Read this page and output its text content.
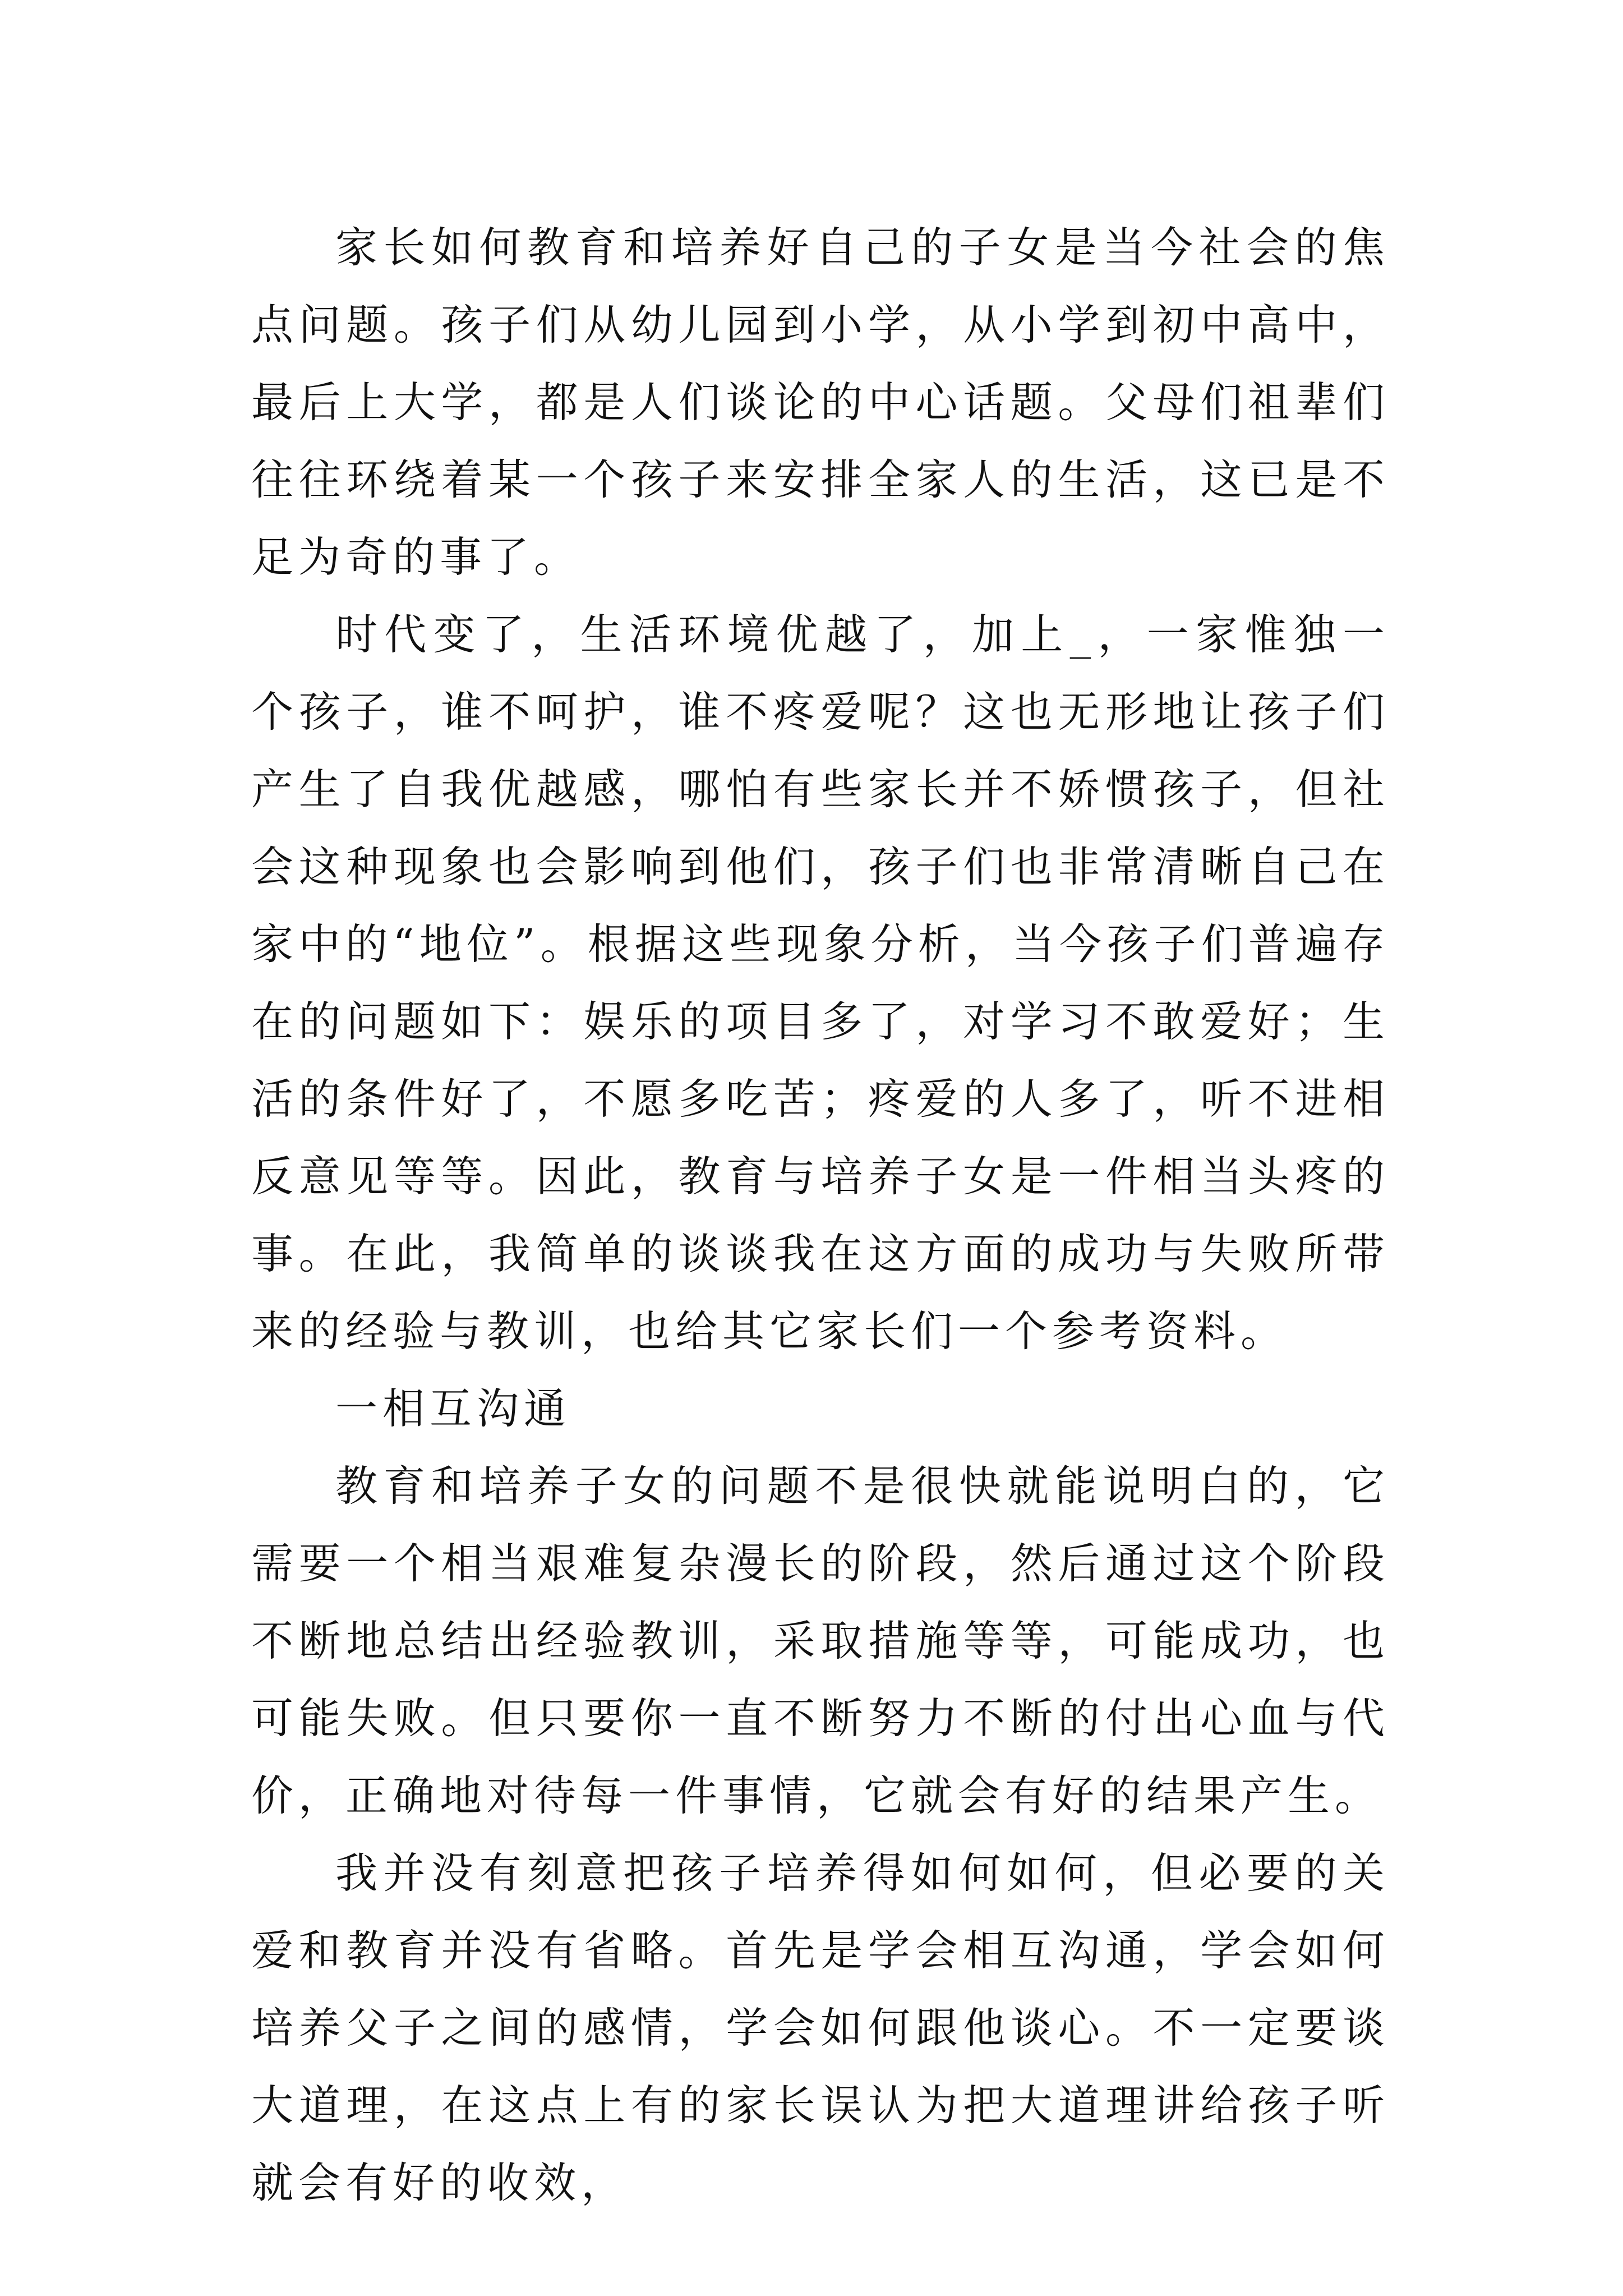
家长如何教育和培养好自己的子女是当今社会的焦点问题。孩子们从幼儿园到小学，从小学到初中高中，最后上大学，都是人们谈论的中心话题。父母们祖辈们往往环绕着某一个孩子来安排全家人的生活，这已是不足为奇的事了。

时代变了，生活环境优越了，加上_，一家惟独一个孩子，谁不呵护，谁不疼爱呢？这也无形地让孩子们产生了自我优越感，哪怕有些家长并不娇惯孩子，但社会这种现象也会影响到他们，孩子们也非常清晰自己在家中的“地位”。根据这些现象分析，当今孩子们普遍存在的问题如下：娱乐的项目多了，对学习不敢爱好；生活的条件好了，不愿多吃苦；疼爱的人多了，听不进相反意见等等。因此，教育与培养子女是一件相当头疼的事。在此，我简单的谈谈我在这方面的成功与失败所带来的经验与教训，也给其它家长们一个参考资料。

一相互沟通

教育和培养子女的问题不是很快就能说明白的，它需要一个相当艰难复杂漫长的阶段，然后通过这个阶段不断地总结出经验教训，采取措施等等，可能成功，也可能失败。但只要你一直不断努力不断的付出心血与代价，正确地对待每一件事情，它就会有好的结果产生。

我并没有刻意把孩子培养得如何如何，但必要的关爱和教育并没有省略。首先是学会相互沟通，学会如何培养父子之间的感情，学会如何跟他谈心。不一定要谈大道理，在这点上有的家长误认为把大道理讲给孩子听就会有好的收效，
